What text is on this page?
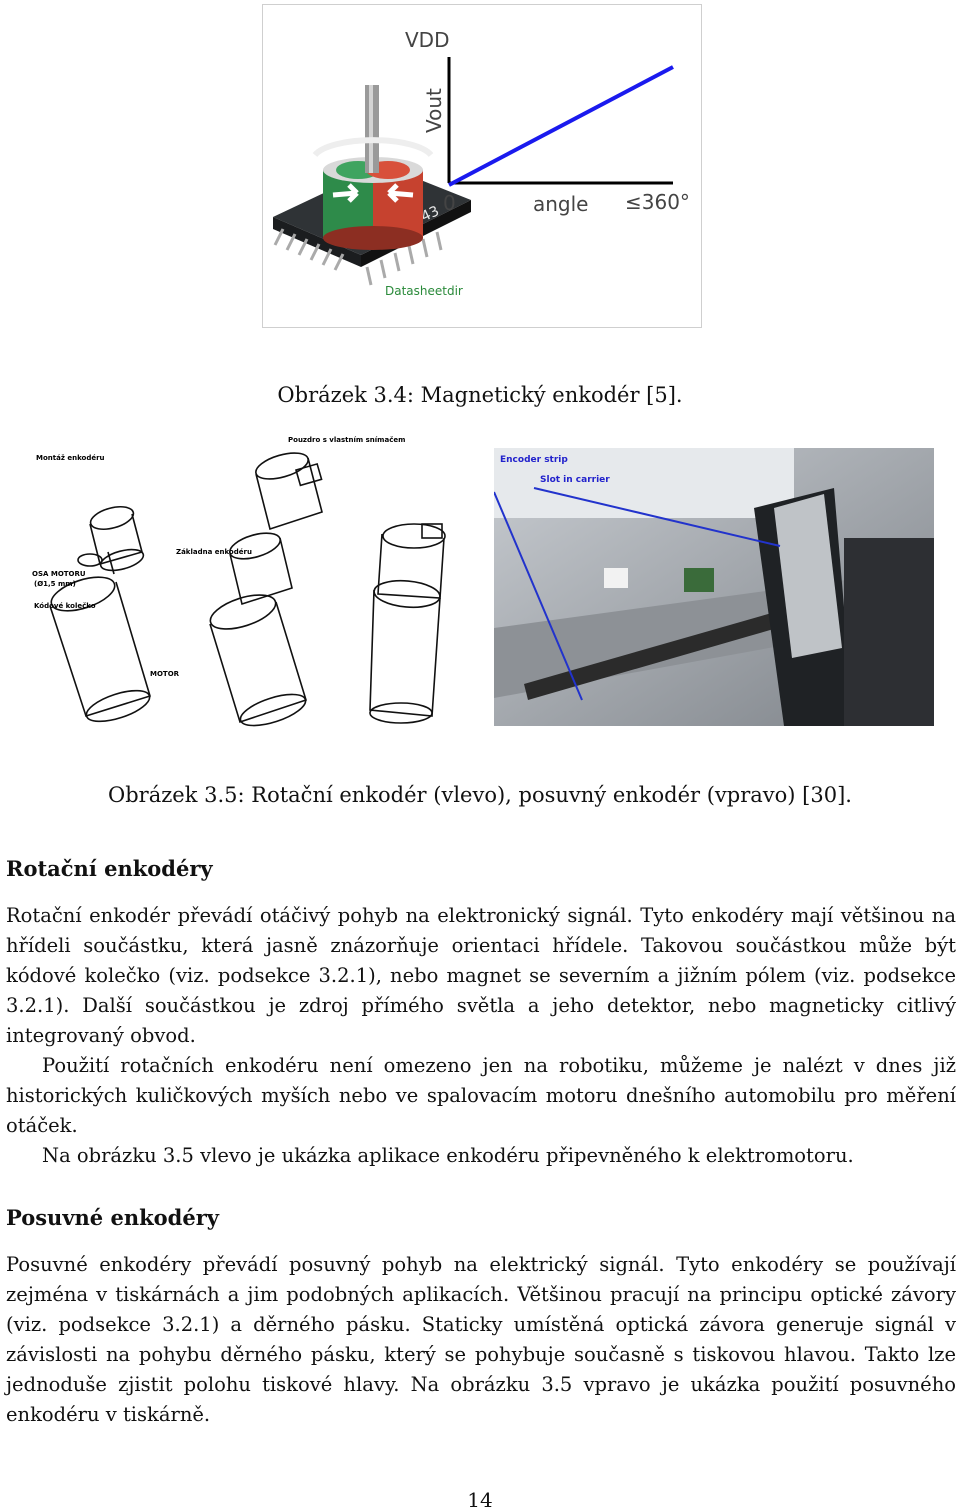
VDD
Vout
0	angle ≤360°
Datasheetdir
Obrázek 3.4: Magnetický enkodér [5].
Montáž enkodéru
Pouzdro s vlastním snímačem
Základna enkodéru
OSA MOTORU
(Ø1,5 mm)
Kódové kolečko
MOTOR
Encoder strip
Slot in carrier
Obrázek 3.5: Rotační enkodér (vlevo), posuvný enkodér (vpravo) [30].
Rotační enkodéry

Rotační enkodér převádí otáčivý pohyb na elektronický signál. Tyto enkodéry mají většinou na hřídeli součástku, která jasně znázorňuje orientaci hřídele. Takovou součástkou může být kódové kolečko (viz. podsekce 3.2.1), nebo magnet se severním a jižním pólem (viz. podsekce 3.2.1). Další součástkou je zdroj přímého světla a jeho detektor, nebo magneticky citlivý integrovaný obvod.

Použití rotačních enkodéru není omezeno jen na robotiku, můžeme je nalézt v dnes již historických kuličkových myších nebo ve spalovacím motoru dnešního automobilu pro měření otáček.

Na obrázku 3.5 vlevo je ukázka aplikace enkodéru připevněného k elektromotoru.

Posuvné enkodéry

Posuvné enkodéry převádí posuvný pohyb na elektrický signál. Tyto enkodéry se používají zejména v tiskárnách a jim podobných aplikacích. Většinou pracují na principu optické závory (viz. podsekce 3.2.1) a děrného pásku. Staticky umístěná optická závora generuje signál v závislosti na pohybu děrného pásku, který se pohybuje současně s tiskovou hlavou. Takto lze jednoduše zjistit polohu tiskové hlavy. Na obrázku 3.5 vpravo je ukázka použití posuvného enkodéru v tiskárně.

14
